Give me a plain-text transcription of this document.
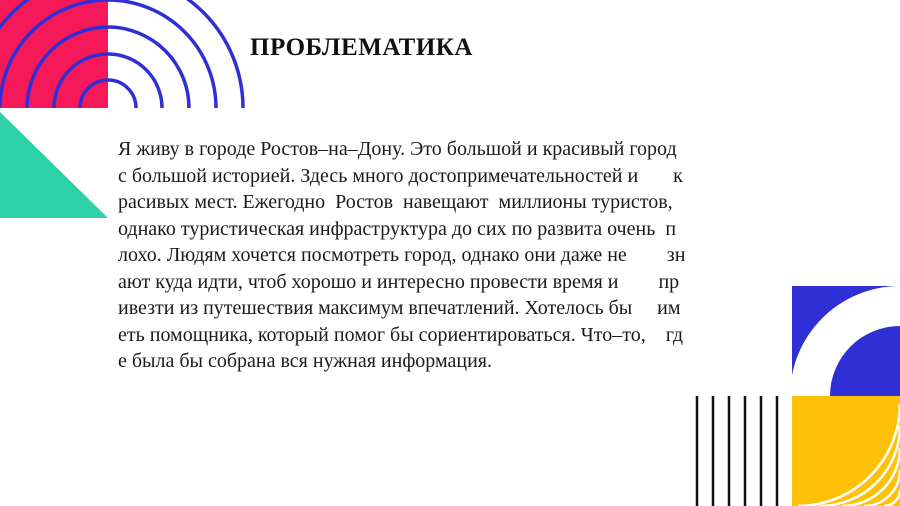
ПРОБЛЕМАТИКА

Я живу в городе Ростов–на–Дону. Это большой и красивый город
с большой историей. Здесь много достопримечательностей и       к
расивых мест. Ежегодно  Ростов  навещают  миллионы туристов,
однако туристическая инфраструктура до сих по развита очень  п
лохо. Людям хочется посмотреть город, однако они даже не        зн
ают куда идти, чтоб хорошо и интересно провести время и        пр
ивезти из путешествия максимум впечатлений. Хотелось бы     им
еть помощника, который помог бы сориентироваться. Что–то,    гд
е была бы собрана вся нужная информация.
